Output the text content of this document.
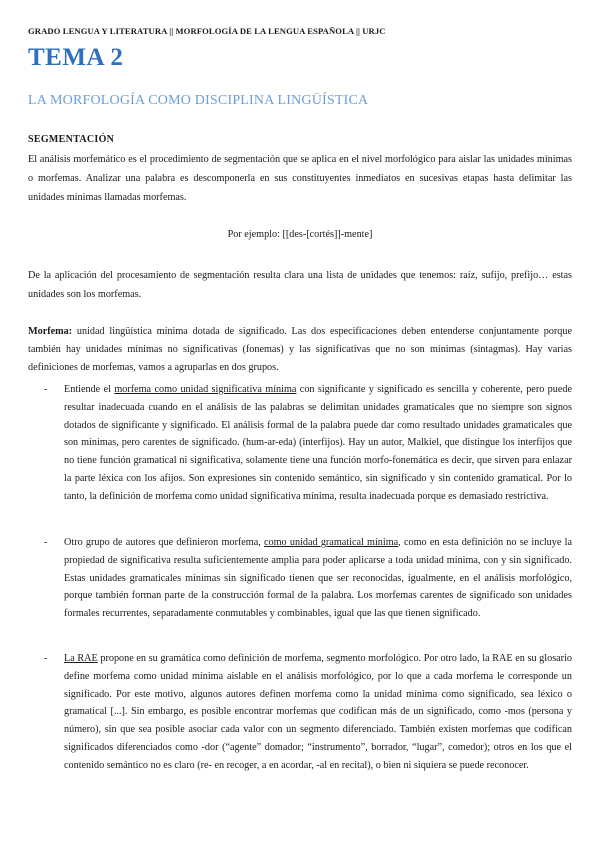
GRADO LENGUA Y LITERATURA || MORFOLOGÍA DE LA LENGUA ESPAÑOLA || URJC
TEMA 2
LA MORFOLOGÍA COMO DISCIPLINA LINGÜÍSTICA
SEGMENTACIÓN
El análisis morfemático es el procedimiento de segmentación que se aplica en el nivel morfológico para aislar las unidades mínimas o morfemas. Analizar una palabra es descomponerla en sus constituyentes inmediatos en sucesivas etapas hasta delimitar las unidades mínimas llamadas morfemas.
Por ejemplo: [[des-[cortés]]-mente]
De la aplicación del procesamiento de segmentación resulta clara una lista de unidades que tenemos: raíz, sufijo, prefijo… estas unidades son los morfemas.
Morfema: unidad lingüística mínima dotada de significado. Las dos especificaciones deben entenderse conjuntamente porque también hay unidades mínimas no significativas (fonemas) y las significativas que no son mínimas (sintagmas). Hay varias definiciones de morfemas, vamos a agruparlas en dos grupos.
- Entiende el morfema como unidad significativa mínima con significante y significado es sencilla y coherente, pero puede resultar inadecuada cuando en el análisis de las palabras se delimitan unidades gramaticales que no siempre son signos dotados de significante y significado. El análisis formal de la palabra puede dar como resultado unidades gramaticales que son mínimas, pero carentes de significado. (hum-ar-eda) (interfijos). Hay un autor, Malkiel, que distingue los interfijos que no tiene función gramatical ni significativa, solamente tiene una función morfo-fonemática es decir, que sirven para enlazar la parte léxica con los afijos. Son expresiones sin contenido semántico, sin significado y sin contenido gramatical. Por lo tanto, la definición de morfema como unidad significativa mínima, resulta inadecuada porque es demasiado restrictiva.
- Otro grupo de autores que definieron morfema, como unidad gramatical mínima, como en esta definición no se incluye la propiedad de significativa resulta suficientemente amplia para poder aplicarse a toda unidad mínima, con y sin significado. Estas unidades gramaticales mínimas sin significado tienen que ser reconocidas, igualmente, en el análisis morfológico, porque también forman parte de la construcción formal de la palabra. Los morfemas carentes de significado son unidades formales recurrentes, separadamente conmutables y combinables, igual que las que tienen significado.
- La RAE propone en su gramática como definición de morfema, segmento morfológico. Por otro lado, la RAE en su glosario define morfema como unidad mínima aislable en el análisis morfológico, por lo que a cada morfema le corresponde un significado. Por este motivo, algunos autores definen morfema como la unidad mínima como significado, sea léxico o gramatical [...]. Sin embargo, es posible encontrar morfemas que codifican más de un significado, como -mos (persona y número), sin que sea posible asociar cada valor con un segmento diferenciado. También existen morfemas que codifican significados diferenciados como -dor (“agente” domador; “instrumento”, borrador, “lugar”, comedor); otros en los que el contenido semántico no es claro (re- en recoger, a en acordar, -al en recital), o bien ni siquiera se puede reconocer.
